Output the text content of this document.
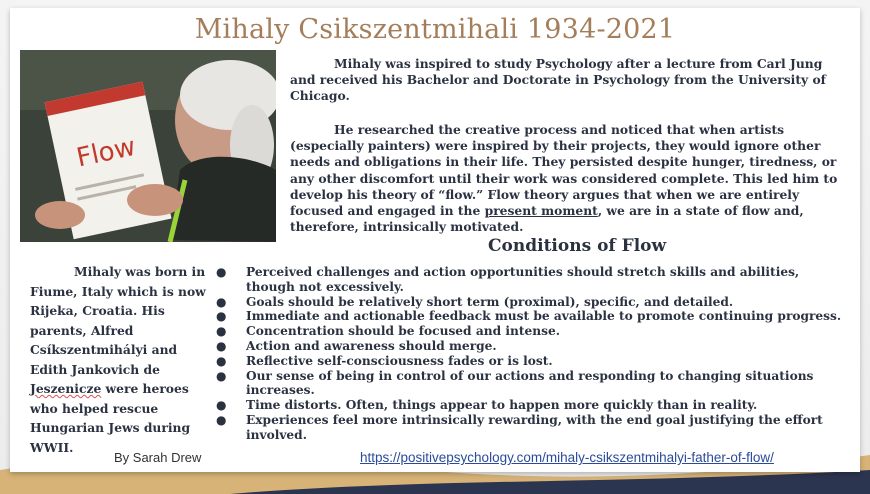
Mihaly Csikszentmihali 1934-2021
Flow
Mihaly was inspired to study Psychology after a lecture from Carl Jung and received his Bachelor and Doctorate in Psychology from the University of Chicago.
He researched the creative process and noticed that when artists (especially painters) were inspired by their projects, they would ignore other needs and obligations in their life. They persisted despite hunger, tiredness, or any other discomfort until their work was considered complete. This led him to develop his theory of “flow.” Flow theory argues that when we are entirely focused and engaged in the present moment, we are in a state of flow and, therefore, intrinsically motivated.
Conditions of Flow
Mihaly was born in Fiume, Italy which is now Rijeka, Croatia. His parents, Alfred Csíkszentmihályi and Edith Jankovich de Jeszenicze were heroes who helped rescue Hungarian Jews during WWII.
● Perceived challenges and action opportunities should stretch skills and abilities, though not excessively.
● Goals should be relatively short term (proximal), specific, and detailed.
● Immediate and actionable feedback must be available to promote continuing progress.
● Concentration should be focused and intense.
● Action and awareness should merge.
● Reflective self-consciousness fades or is lost.
● Our sense of being in control of our actions and responding to changing situations increases.
● Time distorts. Often, things appear to happen more quickly than in reality.
● Experiences feel more intrinsically rewarding, with the end goal justifying the effort involved.
By Sarah Drew	https://positivepsychology.com/mihaly-csikszentmihalyi-father-of-flow/
